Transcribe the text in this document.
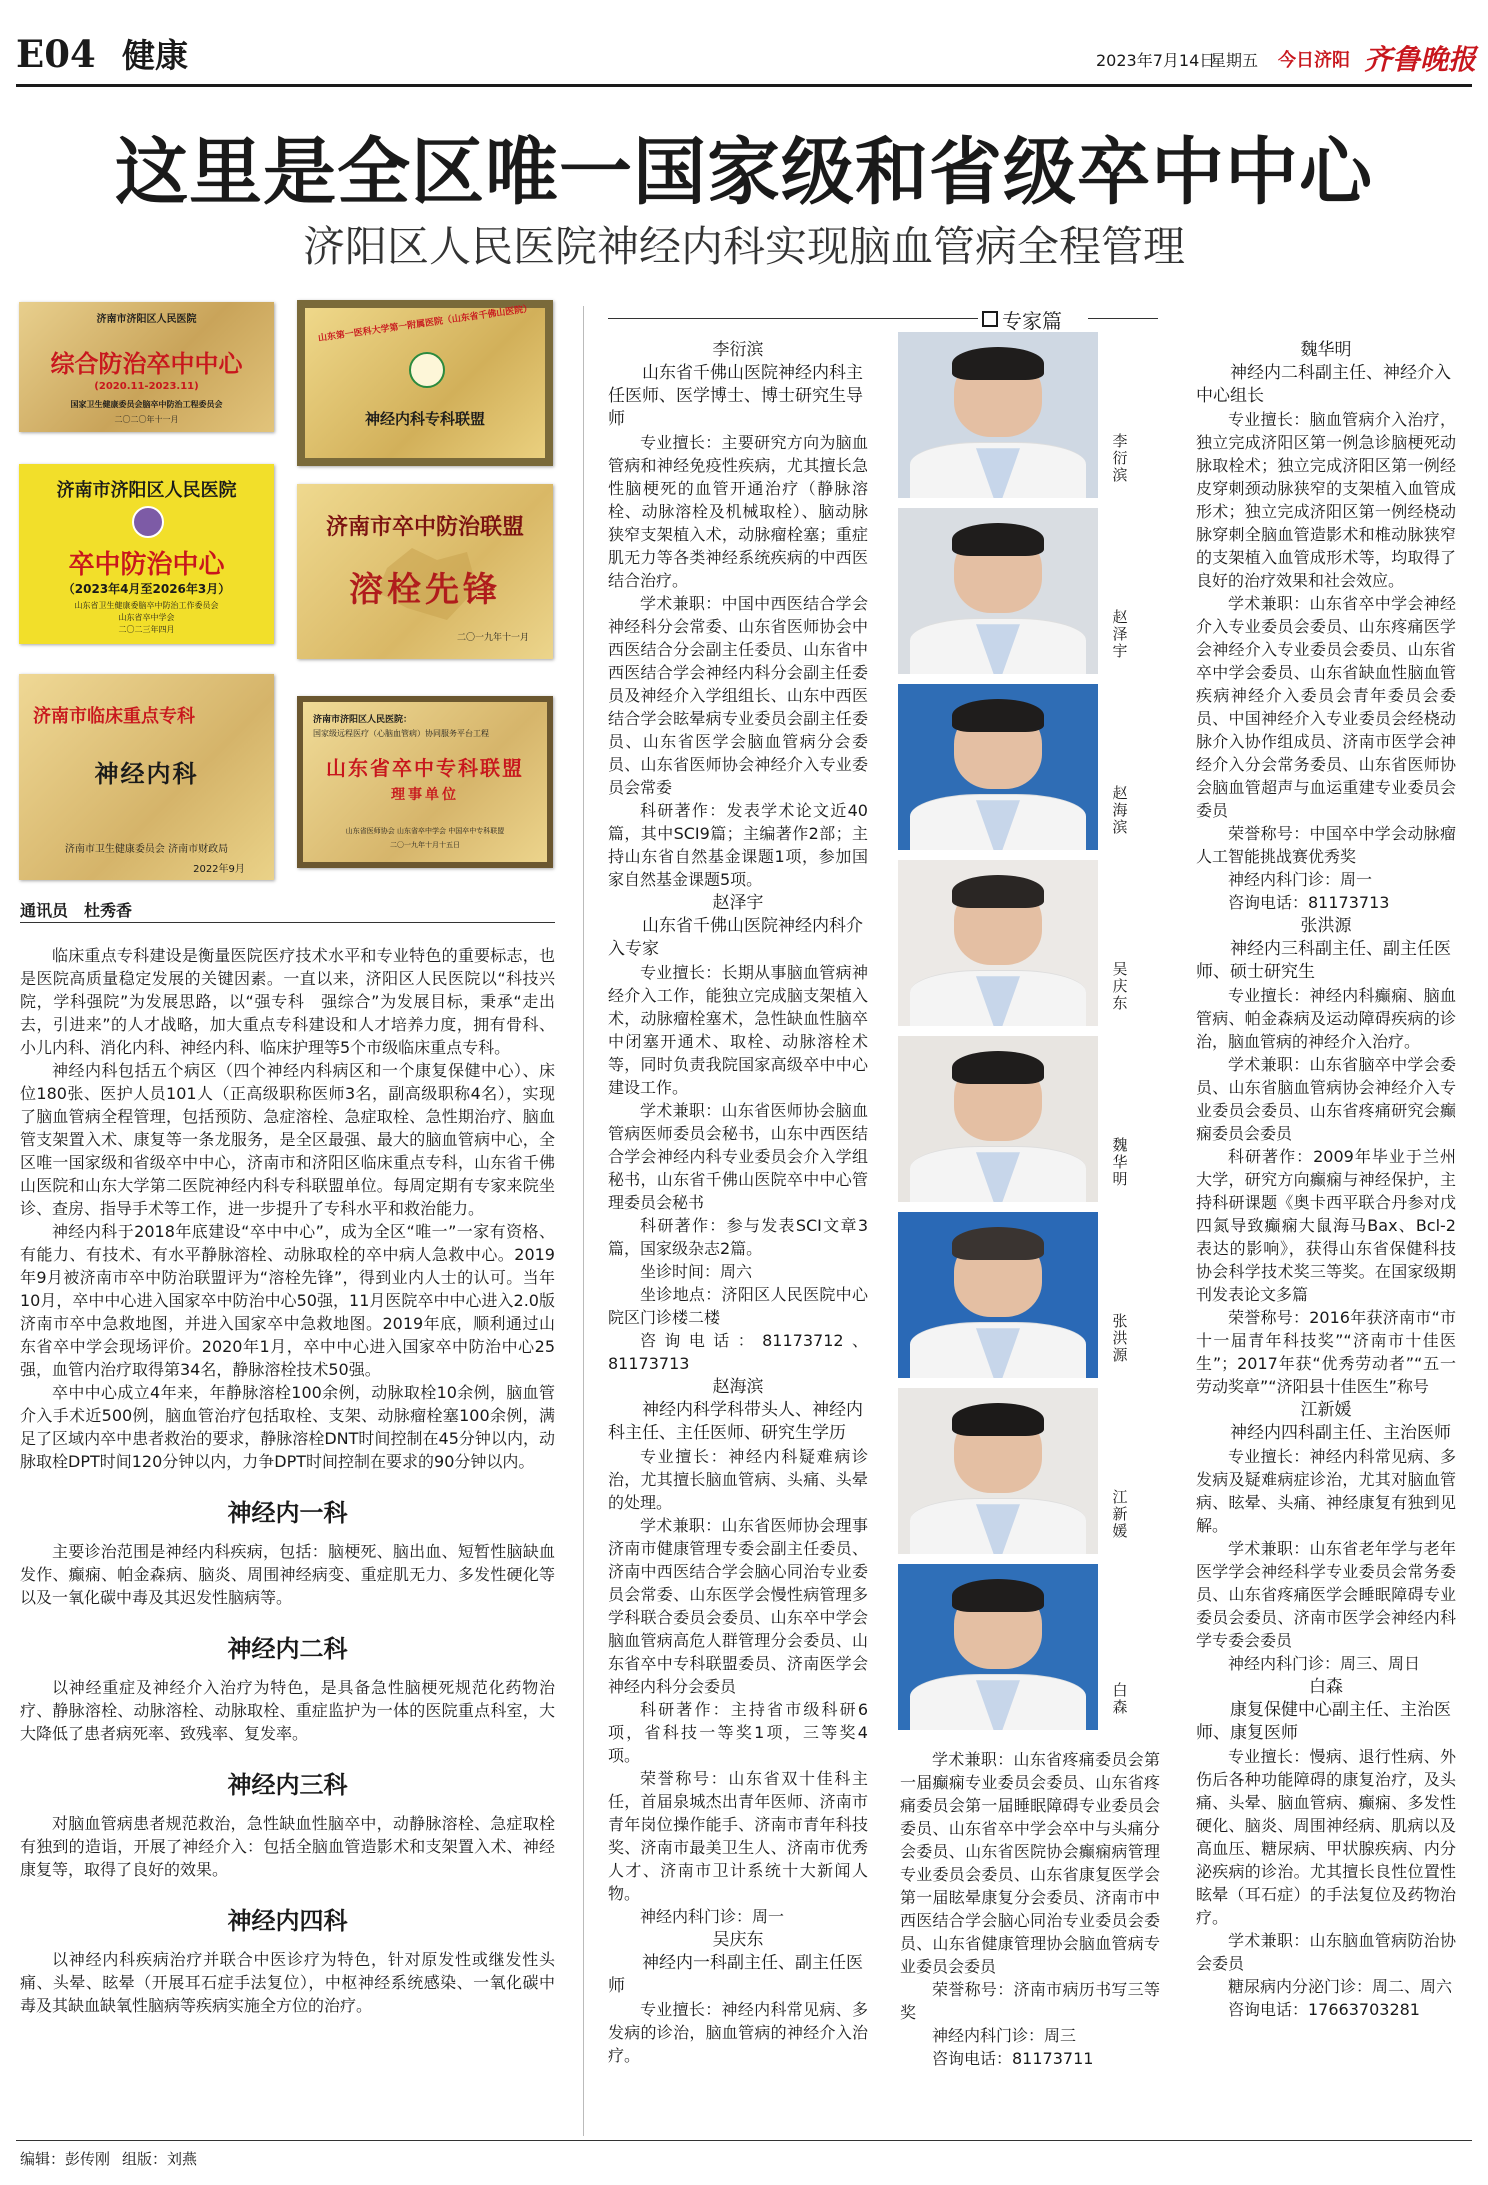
E04 健康	2023年7月14日
星期五 今日济阳 齐鲁晚报
这里是全区唯一国家级和省级卒中中心
济阳区人民医院神经内科实现脑血管病全程管理
济南市济阳区人民医院
综合防治卒中中心
(2020.11-2023.11)
国家卫生健康委员会脑卒中防治工程委员会
二〇二〇年十一月
山东第一医科大学第一附属医院（山东省千佛山医院）
神经内科专科联盟
济南市济阳区人民医院
卒中防治中心
（2023年4月至2026年3月）
山东省卫生健康委脑卒中防治工作委员会
山东省卒中学会
二〇二三年四月
济南市卒中防治联盟
溶栓先锋
二〇一九年十一月
济南市临床重点专科
神经内科
济南市卫生健康委员会 济南市财政局
2022年9月
济南市济阳区人民医院：
国家级远程医疗（心脑血管病）协同服务平台工程
山东省卒中专科联盟
理事单位
山东省医师协会 山东省卒中学会 中国卒中专科联盟
二〇一九年十月十五日
通讯员　杜秀香

临床重点专科建设是衡量医院医疗技术水平和专业特色的重要标志，也是医院高质量稳定发展的关键因素。一直以来，济阳区人民医院以“科技兴院，学科强院”为发展思路，以“强专科　强综合”为发展目标，秉承“走出去，引进来”的人才战略，加大重点专科建设和人才培养力度，拥有骨科、小儿内科、消化内科、神经内科、临床护理等5个市级临床重点专科。

神经内科包括五个病区（四个神经内科病区和一个康复保健中心）、床位180张、医护人员101人（正高级职称医师3名，副高级职称4名），实现了脑血管病全程管理，包括预防、急症溶栓、急症取栓、急性期治疗、脑血管支架置入术、康复等一条龙服务，是全区最强、最大的脑血管病中心，全区唯一国家级和省级卒中中心，济南市和济阳区临床重点专科，山东省千佛山医院和山东大学第二医院神经内科专科联盟单位。每周定期有专家来院坐诊、查房、指导手术等工作，进一步提升了专科水平和救治能力。

神经内科于2018年底建设“卒中中心”，成为全区“唯一”一家有资格、有能力、有技术、有水平静脉溶栓、动脉取栓的卒中病人急救中心。2019年9月被济南市卒中防治联盟评为“溶栓先锋”，得到业内人士的认可。当年10月，卒中中心进入国家卒中防治中心50强，11月医院卒中中心进入2.0版济南市卒中急救地图，并进入国家卒中急救地图。2019年底，顺利通过山东省卒中学会现场评价。2020年1月，卒中中心进入国家卒中防治中心25强，血管内治疗取得第34名，静脉溶栓技术50强。

卒中中心成立4年来，年静脉溶栓100余例，动脉取栓10余例，脑血管介入手术近500例，脑血管治疗包括取栓、支架、动脉瘤栓塞100余例，满足了区域内卒中患者救治的要求，静脉溶栓DNT时间控制在45分钟以内，动脉取栓DPT时间120分钟以内，力争DPT时间控制在要求的90分钟以内。

神经内一科

主要诊治范围是神经内科疾病，包括：脑梗死、脑出血、短暂性脑缺血发作、癫痫、帕金森病、脑炎、周围神经病变、重症肌无力、多发性硬化等以及一氧化碳中毒及其迟发性脑病等。

神经内二科

以神经重症及神经介入治疗为特色，是具备急性脑梗死规范化药物治疗、静脉溶栓、动脉溶栓、动脉取栓、重症监护为一体的医院重点科室，大大降低了患者病死率、致残率、复发率。

神经内三科

对脑血管病患者规范救治，急性缺血性脑卒中，动静脉溶栓、急症取栓有独到的造诣，开展了神经介入：包括全脑血管造影术和支架置入术、神经康复等，取得了良好的效果。

神经内四科

以神经内科疾病治疗并联合中医诊疗为特色，针对原发性或继发性头痛、头晕、眩晕（开展耳石症手法复位），中枢神经系统感染、一氧化碳中毒及其缺血缺氧性脑病等疾病实施全方位的治疗。

专家篇

李衍滨

山东省千佛山医院神经内科主任医师、医学博士、博士研究生导师

专业擅长：主要研究方向为脑血管病和神经免疫性疾病，尤其擅长急性脑梗死的血管开通治疗（静脉溶栓、动脉溶栓及机械取栓）、脑动脉狭窄支架植入术，动脉瘤栓塞；重症肌无力等各类神经系统疾病的中西医结合治疗。

学术兼职：中国中西医结合学会神经科分会常委、山东省医师协会中西医结合分会副主任委员、山东省中西医结合学会神经内科分会副主任委员及神经介入学组组长、山东中西医结合学会眩晕病专业委员会副主任委员、山东省医学会脑血管病分会委员、山东省医师协会神经介入专业委员会常委

科研著作：发表学术论文近40篇，其中SCI9篇；主编著作2部；主持山东省自然基金课题1项，参加国家自然基金课题5项。

赵泽宇

山东省千佛山医院神经内科介入专家

专业擅长：长期从事脑血管病神经介入工作，能独立完成脑支架植入术，动脉瘤栓塞术，急性缺血性脑卒中闭塞开通术、取栓、动脉溶栓术等，同时负责我院国家高级卒中中心建设工作。

学术兼职：山东省医师协会脑血管病医师委员会秘书，山东中西医结合学会神经内科专业委员会介入学组秘书，山东省千佛山医院卒中中心管理委员会秘书

科研著作：参与发表SCI文章3篇，国家级杂志2篇。

坐诊时间：周六

坐诊地点：济阳区人民医院中心院区门诊楼二楼

咨询电话：81173712、81173713

赵海滨

神经内科学科带头人、神经内科主任、主任医师、研究生学历

专业擅长：神经内科疑难病诊治，尤其擅长脑血管病、头痛、头晕的处理。

学术兼职：山东省医师协会理事济南市健康管理专委会副主任委员、济南中西医结合学会脑心同治专业委员会常委、山东医学会慢性病管理多学科联合委员会委员、山东卒中学会脑血管病高危人群管理分会委员、山东省卒中专科联盟委员、济南医学会神经内科分会委员

科研著作：主持省市级科研6项，省科技一等奖1项，三等奖4项。

荣誉称号：山东省双十佳科主任，首届泉城杰出青年医师、济南市青年岗位操作能手、济南市青年科技奖、济南市最美卫生人、济南市优秀人才、济南市卫计系统十大新闻人物。

神经内科门诊：周一

吴庆东

神经内一科副主任、副主任医师

专业擅长：神经内科常见病、多发病的诊治，脑血管病的神经介入治疗。

李衍滨
赵泽宇
赵海滨
吴庆东
魏华明
张洪源
江新媛
白森

学术兼职：山东省疼痛委员会第一届癫痫专业委员会委员、山东省疼痛委员会第一届睡眠障碍专业委员会委员、山东省卒中学会卒中与头痛分会委员、山东省医院协会癫痫病管理专业委员会委员、山东省康复医学会第一届眩晕康复分会委员、济南市中西医结合学会脑心同治专业委员会委员、山东省健康管理协会脑血管病专业委员会委员

荣誉称号：济南市病历书写三等奖

神经内科门诊：周三

咨询电话：81173711

魏华明

神经内二科副主任、神经介入中心组长

专业擅长：脑血管病介入治疗，独立完成济阳区第一例急诊脑梗死动脉取栓术；独立完成济阳区第一例经皮穿刺颈动脉狭窄的支架植入血管成形术；独立完成济阳区第一例经桡动脉穿刺全脑血管造影术和椎动脉狭窄的支架植入血管成形术等，均取得了良好的治疗效果和社会效应。

学术兼职：山东省卒中学会神经介入专业委员会委员、山东疼痛医学会神经介入专业委员会委员、山东省卒中学会委员、山东省缺血性脑血管疾病神经介入委员会青年委员会委员、中国神经介入专业委员会经桡动脉介入协作组成员、济南市医学会神经介入分会常务委员、山东省医师协会脑血管超声与血运重建专业委员会委员

荣誉称号：中国卒中学会动脉瘤人工智能挑战赛优秀奖

神经内科门诊：周一

咨询电话：81173713

张洪源

神经内三科副主任、副主任医师、硕士研究生

专业擅长：神经内科癫痫、脑血管病、帕金森病及运动障碍疾病的诊治，脑血管病的神经介入治疗。

学术兼职：山东省脑卒中学会委员、山东省脑血管病协会神经介入专业委员会委员、山东省疼痛研究会癫痫委员会委员

科研著作：2009年毕业于兰州大学，研究方向癫痫与神经保护，主持科研课题《奥卡西平联合丹参对戊四氮导致癫痫大鼠海马Bax、Bcl-2表达的影响》，获得山东省保健科技协会科学技术奖三等奖。在国家级期刊发表论文多篇

荣誉称号：2016年获济南市“市十一届青年科技奖”“济南市十佳医生”；2017年获“优秀劳动者”“五一劳动奖章”“济阳县十佳医生”称号

江新媛

神经内四科副主任、主治医师

专业擅长：神经内科常见病、多发病及疑难病症诊治，尤其对脑血管病、眩晕、头痛、神经康复有独到见解。

学术兼职：山东省老年学与老年医学学会神经科学专业委员会常务委员、山东省疼痛医学会睡眠障碍专业委员会委员、济南市医学会神经内科学专委会委员

神经内科门诊：周三、周日

白森

康复保健中心副主任、主治医师、康复医师

专业擅长：慢病、退行性病、外伤后各种功能障碍的康复治疗，及头痛、头晕、脑血管病、癫痫、多发性硬化、脑炎、周围神经病、肌病以及高血压、糖尿病、甲状腺疾病、内分泌疾病的诊治。尤其擅长良性位置性眩晕（耳石症）的手法复位及药物治疗。

学术兼职：山东脑血管病防治协会委员

糖尿病内分泌门诊：周二、周六

咨询电话：17663703281

编辑：彭传刚 组版：刘燕
